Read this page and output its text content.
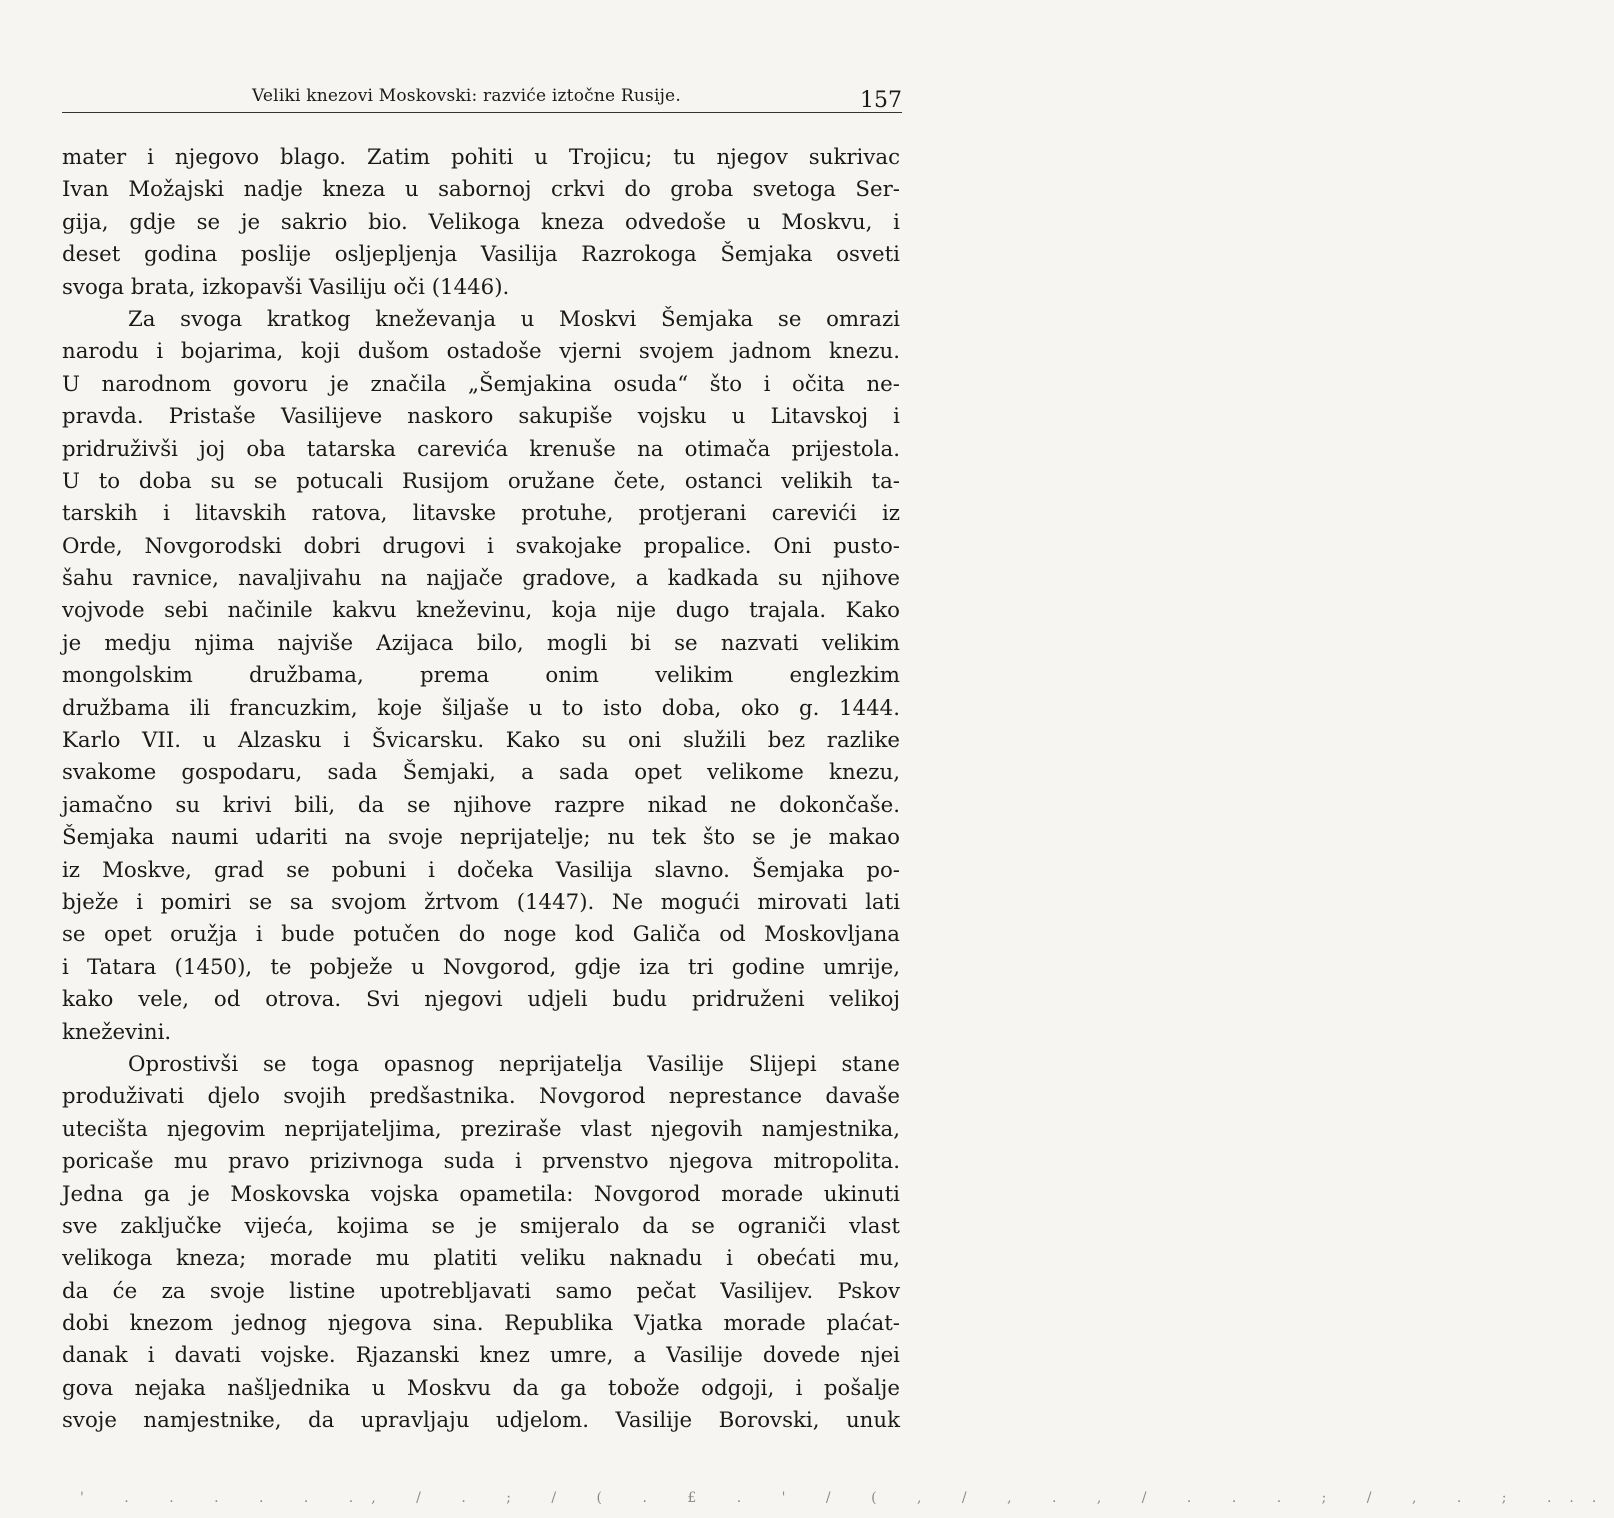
Veliki knezovi Moskovski: razviće iztočne Rusije.	157
mater i njegovo blago. Zatim pohiti u Trojicu; tu njegov sukrivac
Ivan Možajski nadje kneza u sabornoj crkvi do groba svetoga Ser-
gija, gdje se je sakrio bio. Velikoga kneza odvedoše u Moskvu, i
deset godina poslije osljepljenja Vasilija Razrokoga Šemjaka osveti
svoga brata, izkopavši Vasiliju oči (1446).
Za svoga kratkog kneževanja u Moskvi Šemjaka se omrazi
narodu i bojarima, koji dušom ostadoše vjerni svojem jadnom knezu.
U narodnom govoru je značila „Šemjakina osuda“ što i očita ne-
pravda. Pristaše Vasilijeve naskoro sakupiše vojsku u Litavskoj i
pridruživši joj oba tatarska carevića krenuše na otimača prijestola.
U to doba su se potucali Rusijom oružane čete, ostanci velikih ta-
tarskih i litavskih ratova, litavske protuhe, protjerani carevići iz
Orde, Novgorodski dobri drugovi i svakojake propalice. Oni pusto-
šahu ravnice, navaljivahu na najjače gradove, a kadkada su njihove
vojvode sebi načinile kakvu kneževinu, koja nije dugo trajala. Kako
je medju njima najviše Azijaca bilo, mogli bi se nazvati velikim
mongolskim družbama, prema onim velikim englezkim
družbama ili francuzkim, koje šiljaše u to isto doba, oko g. 1444.
Karlo VII. u Alzasku i Švicarsku. Kako su oni služili bez razlike
svakome gospodaru, sada Šemjaki, a sada opet velikome knezu,
jamačno su krivi bili, da se njihove razpre nikad ne dokončaše.
Šemjaka naumi udariti na svoje neprijatelje; nu tek što se je makao
iz Moskve, grad se pobuni i dočeka Vasilija slavno. Šemjaka po-
bježe i pomiri se sa svojom žrtvom (1447). Ne mogući mirovati lati
se opet oružja i bude potučen do noge kod Galiča od Moskovljana
i Tatara (1450), te pobježe u Novgorod, gdje iza tri godine umrije,
kako vele, od otrova. Svi njegovi udjeli budu pridruženi velikoj
kneževini.
Oprostivši se toga opasnog neprijatelja Vasilije Slijepi stane
produživati djelo svojih predšastnika. Novgorod neprestance davaše
utecišta njegovim neprijateljima, preziraše vlast njegovih namjestnika,
poricaše mu pravo prizivnoga suda i prvenstvo njegova mitropolita.
Jedna ga je Moskovska vojska opametila: Novgorod morade ukinuti
sve zaključke vijeća, kojima se je smijeralo da se ograniči vlast
velikoga kneza; morade mu platiti veliku naknadu i obećati mu,
da će za svoje listine upotrebljavati samo pečat Vasilijev. Pskov
dobi knezom jednog njegova sina. Republika Vjatka morade plaćat-
danak i davati vojske. Rjazanski knez umre, a Vasilije dovede njei
gova nejaka našljednika u Moskvu da ga tobože odgoji, i pošalje
svoje namjestnike, da upravljaju udjelom. Vasilije Borovski, unuk
' . . . . . ., / . ; / ( . £ . ' / ( , / , . , / . . . ; / , . ; ...
